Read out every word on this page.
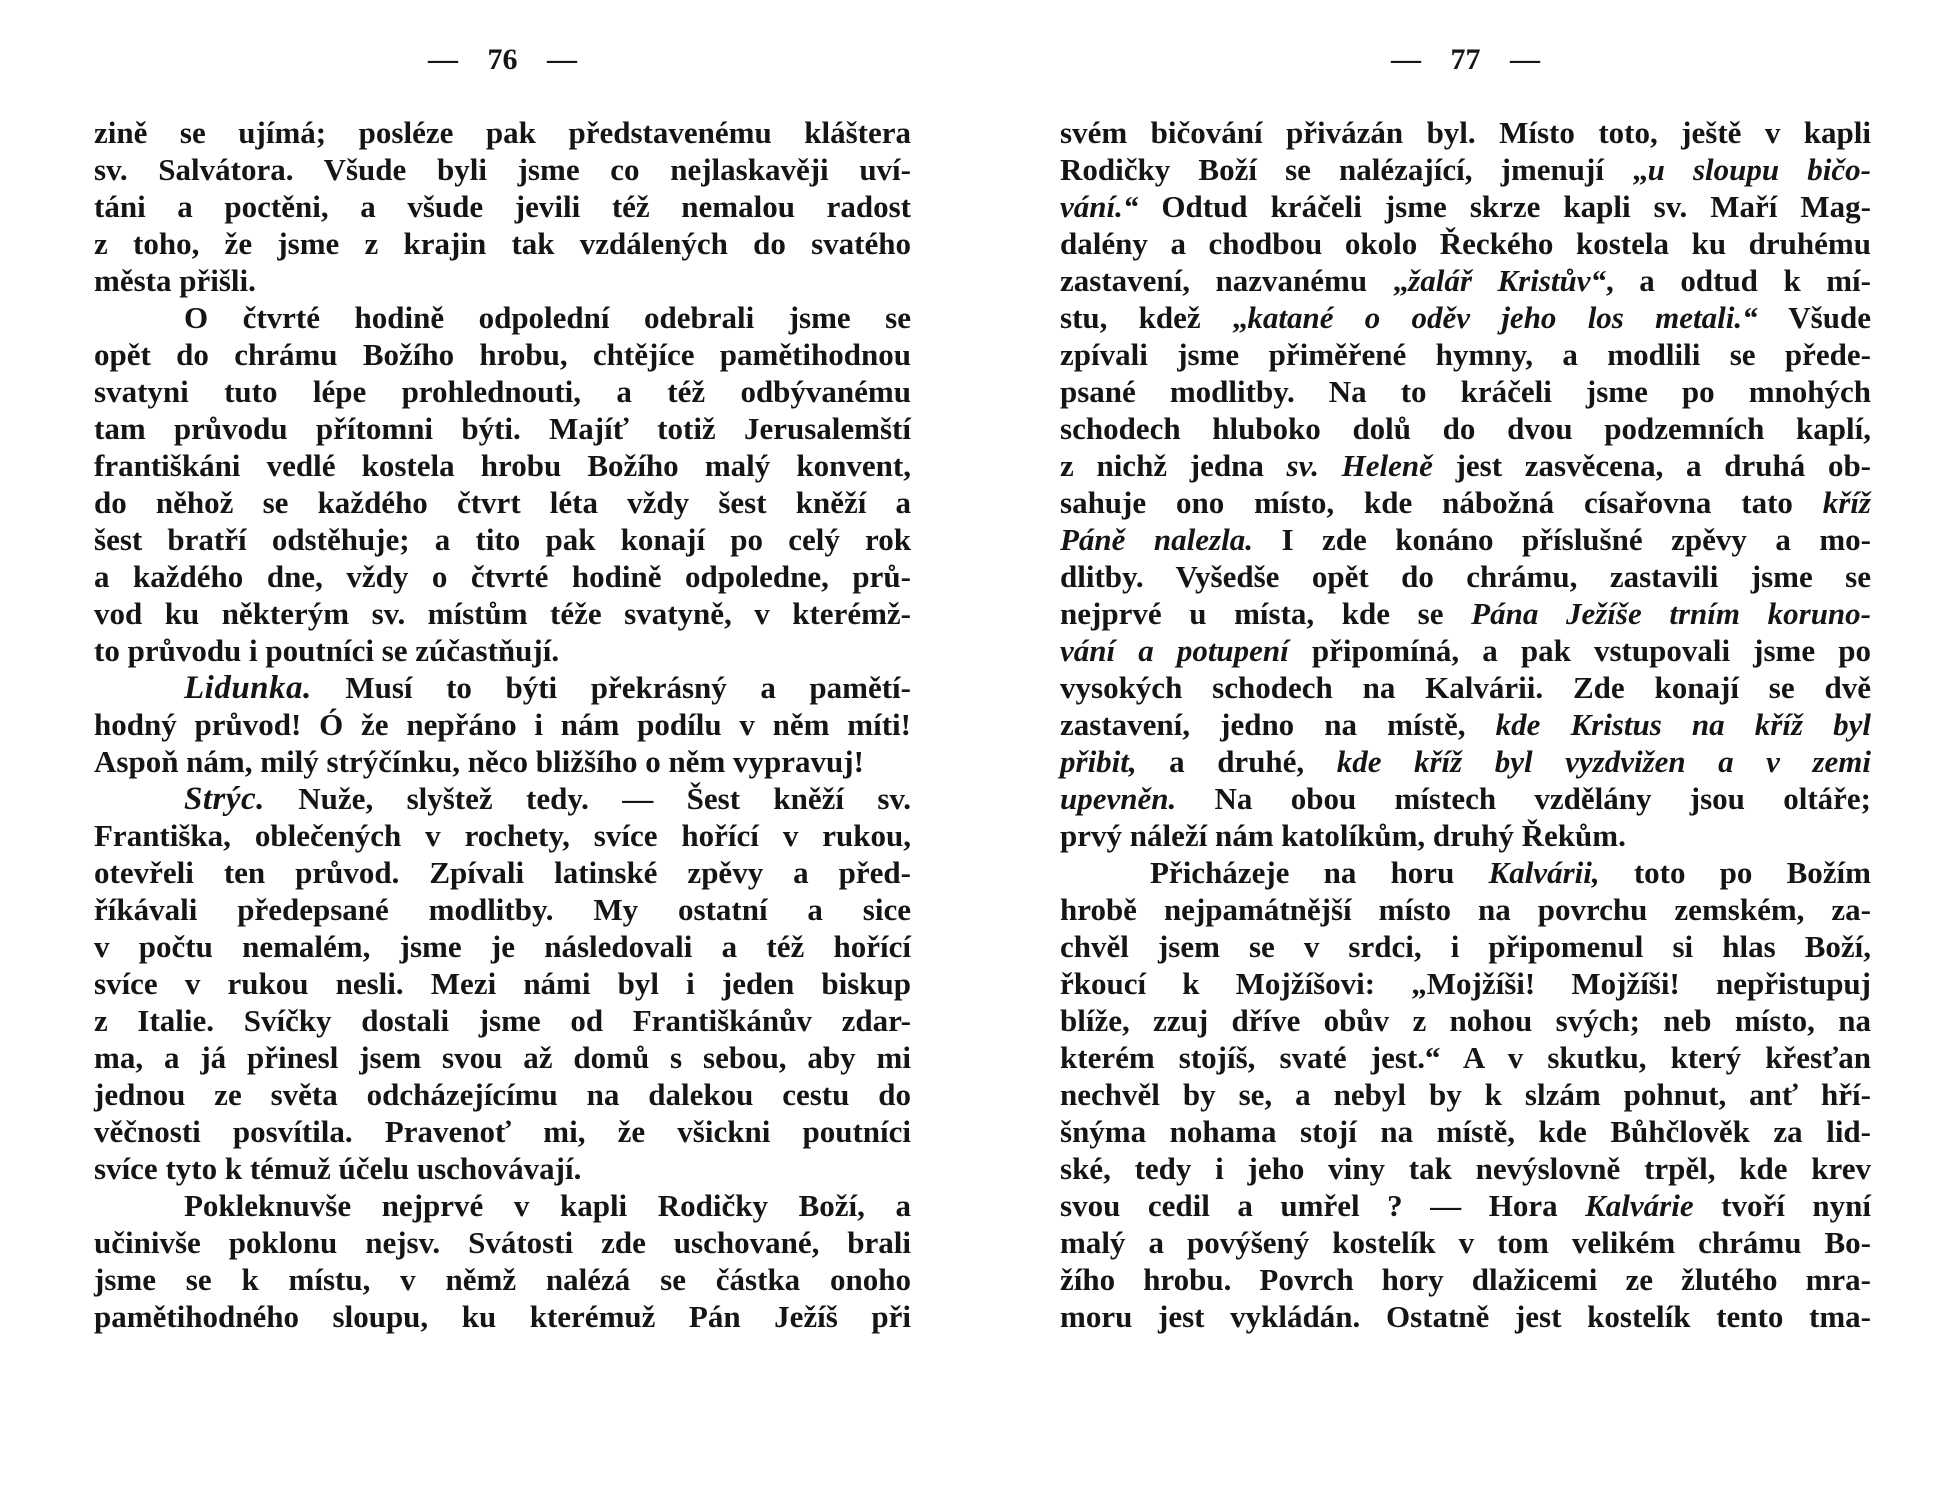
— 76 —
zině se ujímá; posléze pak představenému kláštera
sv. Salvátora. Všude byli jsme co nejlaskavěji uví-
táni a poctěni, a všude jevili též nemalou radost
z toho, že jsme z krajin tak vzdálených do svatého
města přišli.
O čtvrté hodině odpolední odebrali jsme se
opět do chrámu Božího hrobu, chtějíce pamětihodnou
svatyni tuto lépe prohlednouti, a též odbývanému
tam průvodu přítomni býti. Majíť totiž Jerusalemští
františkáni vedlé kostela hrobu Božího malý konvent,
do něhož se každého čtvrt léta vždy šest kněží a
šest bratří odstěhuje; a tito pak konají po celý rok
a každého dne, vždy o čtvrté hodině odpoledne, prů-
vod ku některým sv. místům téže svatyně, v kterémž-
to průvodu i poutníci se zúčastňují.
Lidunka. Musí to býti překrásný a pamětí-
hodný průvod! Ó že nepřáno i nám podílu v něm míti!
Aspoň nám, milý strýčínku, něco bližšího o něm vypravuj!
Strýc. Nuže, slyštež tedy. — Šest kněží sv.
Františka, oblečených v rochety, svíce hořící v rukou,
otevřeli ten průvod. Zpívali latinské zpěvy a před-
říkávali předepsané modlitby. My ostatní a sice
v počtu nemalém, jsme je následovali a též hořící
svíce v rukou nesli. Mezi námi byl i jeden biskup
z Italie. Svíčky dostali jsme od Františkánův zdar-
ma, a já přinesl jsem svou až domů s sebou, aby mi
jednou ze světa odcházejícímu na dalekou cestu do
věčnosti posvítila. Pravenoť mi, že všickni poutníci
svíce tyto k témuž účelu uschovávají.
Pokleknuvše nejprvé v kapli Rodičky Boží, a
učinivše poklonu nejsv. Svátosti zde uschované, brali
jsme se k místu, v němž nalézá se částka onoho
pamětihodného sloupu, ku kterémuž Pán Ježíš při
— 77 —
svém bičování přivázán byl. Místo toto, ještě v kapli
Rodičky Boží se nalézající, jmenují „u sloupu bičo-
vání.“ Odtud kráčeli jsme skrze kapli sv. Maří Mag-
dalény a chodbou okolo Řeckého kostela ku druhému
zastavení, nazvanému „žalář Kristův“, a odtud k mí-
stu, kdež „katané o oděv jeho los metali.“ Všude
zpívali jsme přiměřené hymny, a modlili se přede-
psané modlitby. Na to kráčeli jsme po mnohých
schodech hluboko dolů do dvou podzemních kaplí,
z nichž jedna sv. Heleně jest zasvěcena, a druhá ob-
sahuje ono místo, kde nábožná císařovna tato kříž
Páně nalezla. I zde konáno příslušné zpěvy a mo-
dlitby. Vyšedše opět do chrámu, zastavili jsme se
nejprvé u místa, kde se Pána Ježíše trním koruno-
vání a potupení připomíná, a pak vstupovali jsme po
vysokých schodech na Kalvárii. Zde konají se dvě
zastavení, jedno na místě, kde Kristus na kříž byl
přibit, a druhé, kde kříž byl vyzdvižen a v zemi
upevněn. Na obou místech vzdělány jsou oltáře;
prvý náleží nám katolíkům, druhý Řekům.
Přicházeje na horu Kalvárii, toto po Božím
hrobě nejpamátnější místo na povrchu zemském, za-
chvěl jsem se v srdci, i připomenul si hlas Boží,
řkoucí k Mojžíšovi: „Mojžíši! Mojžíši! nepřistupuj
blíže, zzuj dříve obův z nohou svých; neb místo, na
kterém stojíš, svaté jest.“ A v skutku, který křesťan
nechvěl by se, a nebyl by k slzám pohnut, anť hří-
šnýma nohama stojí na místě, kde Bůhčlověk za lid-
ské, tedy i jeho viny tak nevýslovně trpěl, kde krev
svou cedil a umřel ? — Hora Kalvárie tvoří nyní
malý a povýšený kostelík v tom velikém chrámu Bo-
žího hrobu. Povrch hory dlažicemi ze žlutého mra-
moru jest vykládán. Ostatně jest kostelík tento tma-
